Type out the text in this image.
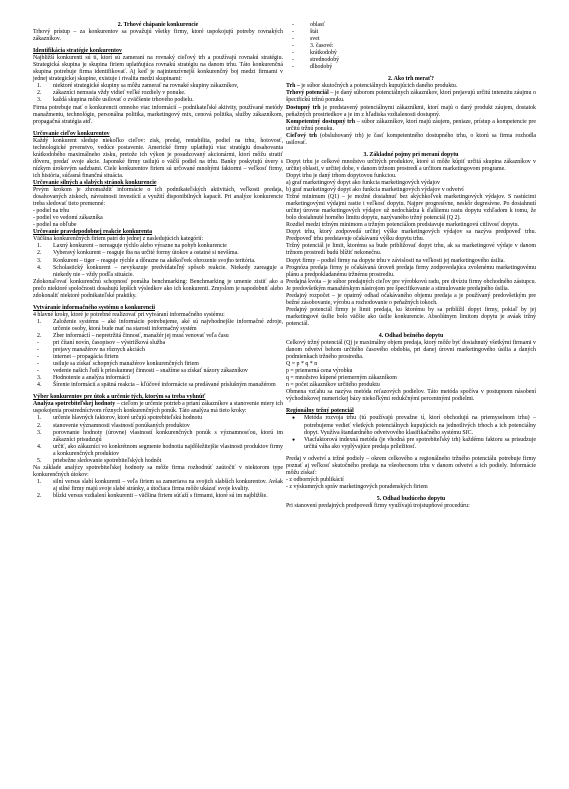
2. Trhové chápanie konkurencie

Trhový prístup – za konkurentov sa považujú všetky firmy, ktoré uspokojujú potreby rovnakých zákazníkov.

Identifikácia stratégie konkurentov

Najbližší konkurenti sú tí, ktorí sú zameraní na rovnaký cieľový trh a používajú rovnakú stratégiu. Strategická skupina je skupina firiem uplatňujúca rovnakú stratégiu na danom trhu. Táto konkurenčná skupina potrebuje firma identifikovať. Aj keď je najintenzívnejší konkurenčný boj medzi firmami v jednej strategickej skupine, existuje i rivalita medzi skupinami:

1. niektoré strategické skupiny sa môžu zamerať na rovnaké skupiny zákazníkov,
2. zákazníci nemusia vždy vidieť veľké rozdiely v ponuke.
3. každá skupina môže usilovať o zväčšenie trhového podielu.

Firma potrebuje mať o konkurencii omnoho viac informácií – podnikateľské aktivity, používané metódy manažmentu, technológie, personálna politika, marketingový mix, cenová politika, služby zákazníkom, propagačná stratégia atď.

Určovanie cieľov konkurentov

Každý konkurent sleduje niekoľko cieľov: zisk, predaj, rentabilita, podiel na trhu, hotovosť, technologické prvenstvo, vedúce postavenie. Americké firmy uplatňujú viac stratégiu dosahovania krátkodobého maximálneho zisku, pretože ich výkon je posudzovaný akcionármi, ktorí môžu stratiť dôveru, predať svoje akcie. Japonské firmy usilujú o väčší podiel na trhu. Banky poskytujú úvery s nízkym úrokovým sadzbami. Ciele konkurentov firiem sú určované mnohými faktormi – veľkosť firmy, ich história, súčasná finančná situácia.

Určovanie silných a slabých stránok konkurencie

Prvým krokom je zhromaždiť informácie o ich podnikateľských aktivitách, veľkosti predaja, dosahovaných ziskoch, návratnosti investícií a využití disponibilných kapacít. Pri analýze konkurencie treba sledovať tieto premenné:

- podiel na trhu

- podiel vo vedomí zákazníka

- podiel na obľube

Určovanie pravdepodobnej reakcie konkurenta

Väčšina konkurenčných firiem patrí do jednej z nasledujúcich kategórií:

1. Laxný konkurent – nereaguje rýchlo alebo výrazne na pohyb konkurencie
2. Vyberavý konkurent – reaguje iba na určité formy útokov a ostatné si nevšíma.
3. Konkurent – tiger – reaguje rýchle a dôrazne na akékoľvek ohrozenie svojho teritória.
4. Scholastický konkurent – nevykazuje predvídateľný spôsob reakcie. Niekedy zareaguje a niekedy nie – vždy podľa situácie.

Zdokonaľovať konkurenčnú schopnosť pomáha benchmarking: Benchmarking je umenie zistiť ako a prečo niektoré spoločnosti dosahujú lepších výsledkov ako ich konkurenti. Zmyslom je napodobniť alebo zdokonaliť niektoré podnikateľské praktiky.

Vytváranie informačného systému o konkurencii

4 hlavné kroky, ktoré je potrebné realizovať pri vytváraní informačného systému:

1. Založenie systému – aké informácie potrebujeme, aké sú najvhodnejšie informačné zdroje, určenie osoby, ktorá bude mať na starosti informačný systém
2. Zber informácií – nepretržitá činnosť, manažér jej musí venovať veľa času
- pri čítaní novín, časopisov – výstrižková služba
- prejavy manažérov na rôznych akciách
- internet – propagácia firiem
- usiluje sa získať schopných manažérov konkurenčných firiem
- vedenie našich ľudí k prieskumnej činnosti – snažíme sa získať názory zákazníkov
3. Hodnotenie a analýza informácií
4. Šírenie informácií a spätná reakcia – kľúčové informácie sa predávané príslušným manažérom

Výber konkurentov pre útok a určenie tých, ktorým sa treba vyhnúť

Analýza spotrebiteľskej hodnoty – cieľom je určenie potrieb a prianí zákazníkov a stanovenie miery ich uspokojenia prostredníctvom rôznych konkurenčných ponúk. Táto analýza má tieto kroky:

1. určenie hlavných faktorov, ktoré určujú spotrebiteľskú hodnotu
2. stanovenie významnosti vlastností ponúkaných produktov
3. porovnanie hodnoty (úrovne) vlastností konkurenčných ponúk s významnosťou, ktorú im zákazníci prisudzujú
4. určiť, ako zákazníci vo konkrétnom segmente hodnotia najdôležitejšie vlastnosti produktov firmy a konkurenčných produktov
5. priebežne sledovanie spotrebiteľských hodnôt

Na základe analýzy spotrebiteľskej hodnoty sa môže firma rozhodnúť zaútočiť v niektorom type konkurenčných útokov:

1. silní versus slabí konkurenti – veľa firiem sa zameriava na svojich slabších konkurentov. Avšak aj silné firmy majú svoje slabé stránky, a útočiaca firma môže ukázať svoje kvality.
2. blízki versus vzdialení konkurenti – väčšina firiem súťaží s firmami, ktoré sú im najbližšie.
-	oblasť
-	štát
-	svet
-	3. časové:
-	krátkodobý
-	strednodobý
-	dlhodobý

2. Ako trh merať?

Trh – je súbor skutočných a potenciálnych kupujúcich daného produktu.

Trhový potenciál – je daný súborom potenciálnych zákazníkov, ktorí prejavujú určitú intenzitu záujmu o špecifickú tržnú ponuku.

Dostupný trh je predstavený potenciálnymi zákazníkmi, ktorí majú o daný produkt záujem, dostatok peňažných prostriedkov a je im z hľadiska vzdialenosti dostupný.

Kompetentný dostupný trh – súbor zákazníkov, ktorí majú záujem, peniaze, prístup a kompetencie pre určitú tržnú ponuku.

Cieľový trh (obsluhovaný trh) je časť kompetentného dostupného trhu, o ktorú sa firma rozhodla usilovať.

3. Základné pojmy pri meraní dopytu

Dopyt trhu je celkové množstvo určitých produktov, ktoré si môže kúpiť určitá skupina zákazníkov v určitej oblasti, v určitej dobe, v danom tržnom prostredí a určitom marketingovom programe.

Dopyt trhu je daný trhom dopytovou funkciou.

a) graf marketingový dopyt ako funkcia marketingových výdajov

b) graf marketingový dopyt ako funkcia marketingových výdajov v odvetví

Tržné minimum (Q1) – je možné dosiahnuť bez akýchkoľvek marketingových výdajov. S rastúcimi marketingovými výdajmi rastie i veľkosť dopytu. Najprv progresívne, neskôr degresívne. Po dosiahnutí určitej úrovne marketingových výdajov už nedochádza k ďalšiemu rastu dopytu vzhľadom k tomu, že bolo dosiahnuté horného limitu dopytu, nazývaného tržný potenciál (Q 2).

Rozdiel medzi tržným minimom a tržným potenciálom predstavuje marketingovú citlivosť dopytu.

Dopyt trhu, ktorý zodpovedá určitej výške marketingových výdajov sa nazýva predpoveď trhu. Predpoveď trhu predstavuje očakávanú výšku dopytu trhu.

Tržný potenciál je limit, ktorému sa bude približovať dopyt trhu, ak sa marketingové výdaje v danom tržnom prostredí budú blížiť nekonečnu.

Dopyt firmy – podiel firmy na dopyte trhu v závislosti na veľkosti jej marketingového úsilia.

Prognóza predaja firmy je očakávaná úroveň predaja firmy zodpovedajúca zvolenému marketingovému plánu a predpokladanému tržnému prostrediu.

Predajná kvóta – je súbor predajných cieľov pre výrobkovú radu, pre divíziu firmy obchodného zástupcu. Je predovšetkým manažérskym nástrojom pre špecifikovanie a stimulovanie predajného úsilia.

Predajný rozpočet – je opatrný odhad očakávaného objemu predaja a je používaný predovšetkým pre bežné zásobovanie, výrobu a rozhodovanie o peňažných tokoch.

Predajný potenciál firmy je limit predaja, ku ktorému by sa priblížil dopyt firmy, pokiaľ by jej marketingové úsilie bolo väčšie ako úsilie konkurencie. Absolútnym limitom dopytu je aváak tržný potenciál.

4. Odhad bežného dopytu

Celkový tržný potenciál (Q) je maximálny objem predaja, ktorý môže byť dosiahnutý všetkými firmami v danom odvetví behom určitého časového obdobia, pri danej úrovni marketingového úsilia a daných podmienkach tržného prostredia.

Q = p * q * n

p = priemerná cena výrobku

q = množstvo kúpené priemerným zákazníkom

n = počet zákazníkov určitého produktu

Obmena vzťahu sa nazýva metóda reťazových podielov. Táto metóda spočíva v postupnom násobení východiskovej numerickej bázy niekoľkými redukčnými percentnými podielmi.

Regionálny tržný potenciál

● Metóda rozvoja trhu (tú používajú prevažne tí, ktorí obchodujú na priemyselnom trhu) – potrebujeme vedieť všetkých potenciálnych kupujúcich na jednotlivých trhoch a ich potenciálny dopyt. Využíva štandardného odvetvového klasifikačného systému SIC.
● Viacfaktorová indexná metóda (je vhodná pre spotrebiteľský trh) každému faktoru sa prisudzuje určitá váha ako vyplývajúce predaja príležitosť.

Predaj v odvetví a tržné podiely – okrem celkového a regionálneho tržného potenciálu potrebuje firmy poznať aj veľkosť skutočného predaja na všeobecnom trhu v danom odvetví a ich podiely. Informácie môžu získať:

- z odborných publikácií

- z výskumných správ marketingových poradenských firiem

5. Odhad budúceho dopytu

Pri stanovení predajných predpovedí firmy využívajú trojstupňové procedúru:
